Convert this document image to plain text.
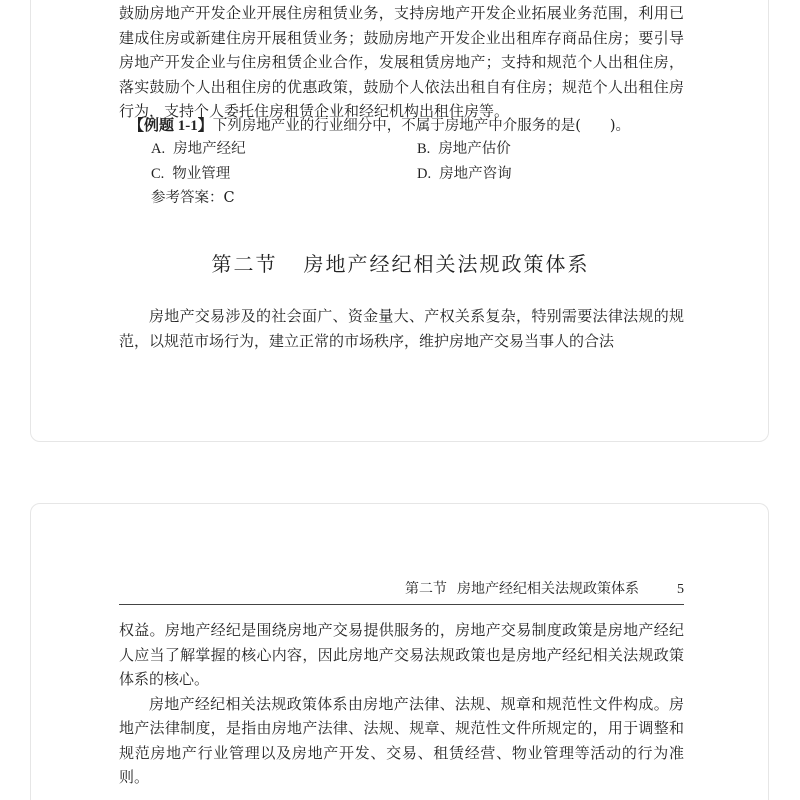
鼓励房地产开发企业开展住房租赁业务，支持房地产开发企业拓展业务范围，利用已建成住房或新建住房开展租赁业务；鼓励房地产开发企业出租库存商品住房；要引导房地产开发企业与住房租赁企业合作，发展租赁房地产；支持和规范个人出租住房，落实鼓励个人出租住房的优惠政策，鼓励个人依法出租自有住房；规范个人出租住房行为，支持个人委托住房租赁企业和经纪机构出租住房等。

【例题 1-1】下列房地产业的行业细分中，不属于房地产中介服务的是(　　)。
A. 房地产经纪	B. 房地产估价
C. 物业管理	D. 房地产咨询
参考答案：C
第二节 房地产经纪相关法规政策体系

房地产交易涉及的社会面广、资金量大、产权关系复杂，特别需要法律法规的规范，以规范市场行为，建立正常的市场秩序，维护房地产交易当事人的合法

第二节 房地产经纪相关法规政策体系	5

权益。房地产经纪是围绕房地产交易提供服务的，房地产交易制度政策是房地产经纪人应当了解掌握的核心内容，因此房地产交易法规政策也是房地产经纪相关法规政策体系的核心。

房地产经纪相关法规政策体系由房地产法律、法规、规章和规范性文件构成。房地产法律制度，是指由房地产法律、法规、规章、规范性文件所规定的，用于调整和规范房地产行业管理以及房地产开发、交易、租赁经营、物业管理等活动的行为准则。
